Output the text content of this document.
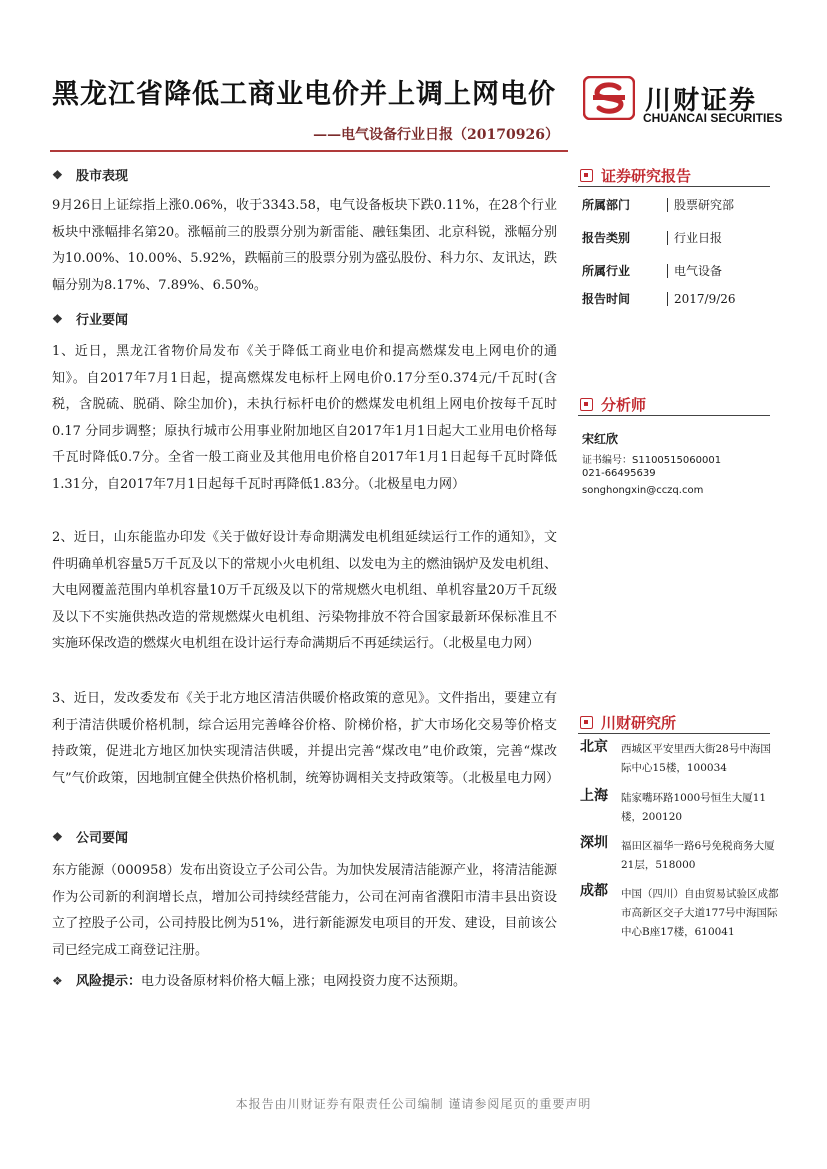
黑龙江省降低工商业电价并上调上网电价
——电气设备行业日报（20170926）
川财证券
CHUANCAI SECURITIES
❖	股市表现
9月26日上证综指上涨0.06%，收于3343.58，电气设备板块下跌0.11%，在28个行业板块中涨幅排名第20。涨幅前三的股票分别为新雷能、融钰集团、北京科锐，涨幅分别为10.00%、10.00%、5.92%，跌幅前三的股票分别为盛弘股份、科力尔、友讯达，跌幅分别为8.17%、7.89%、6.50%。
❖	行业要闻
1、近日，黑龙江省物价局发布《关于降低工商业电价和提高燃煤发电上网电价的通知》。自2017年7月1日起，提高燃煤发电标杆上网电价0.17分至0.374元/千瓦时(含税，含脱硫、脱硝、除尘加价)，未执行标杆电价的燃煤发电机组上网电价按每千瓦时 0.17 分同步调整；原执行城市公用事业附加地区自2017年1月1日起大工业用电价格每千瓦时降低0.7分。全省一般工商业及其他用电价格自2017年1月1日起每千瓦时降低1.31分，自2017年7月1日起每千瓦时再降低1.83分。（北极星电力网）
2、近日，山东能监办印发《关于做好设计寿命期满发电机组延续运行工作的通知》，文件明确单机容量5万千瓦及以下的常规小火电机组、以发电为主的燃油锅炉及发电机组、大电网覆盖范围内单机容量10万千瓦级及以下的常规燃火电机组、单机容量20万千瓦级及以下不实施供热改造的常规燃煤火电机组、污染物排放不符合国家最新环保标准且不实施环保改造的燃煤火电机组在设计运行寿命满期后不再延续运行。（北极星电力网）
3、近日，发改委发布《关于北方地区清洁供暖价格政策的意见》。文件指出，要建立有利于清洁供暖价格机制，综合运用完善峰谷价格、阶梯价格，扩大市场化交易等价格支持政策，促进北方地区加快实现清洁供暖，并提出完善“煤改电”电价政策，完善“煤改气”气价政策，因地制宜健全供热价格机制，统筹协调相关支持政策等。（北极星电力网）
❖	公司要闻
东方能源（000958）发布出资设立子公司公告。为加快发展清洁能源产业，将清洁能源作为公司新的利润增长点，增加公司持续经营能力，公司在河南省濮阳市清丰县出资设立了控股子公司，公司持股比例为51%，进行新能源发电项目的开发、建设，目前该公司已经完成工商登记注册。
❖ 风险提示：电力设备原材料价格大幅上涨；电网投资力度不达预期。
证券研究报告
所属部门	股票研究部
报告类别	行业日报
所属行业	电气设备
报告时间	2017/9/26
分析师
宋红欣
证书编号：S1100515060001
021-66495639
songhongxin@cczq.com
川财研究所
北京 西城区平安里西大街28号中海国际中心15楼，100034
上海 陆家嘴环路1000号恒生大厦11楼，200120
深圳 福田区福华一路6号免税商务大厦21层，518000
成都 中国（四川）自由贸易试验区成都市高新区交子大道177号中海国际中心B座17楼，610041
本报告由川财证券有限责任公司编制 谨请参阅尾页的重要声明
